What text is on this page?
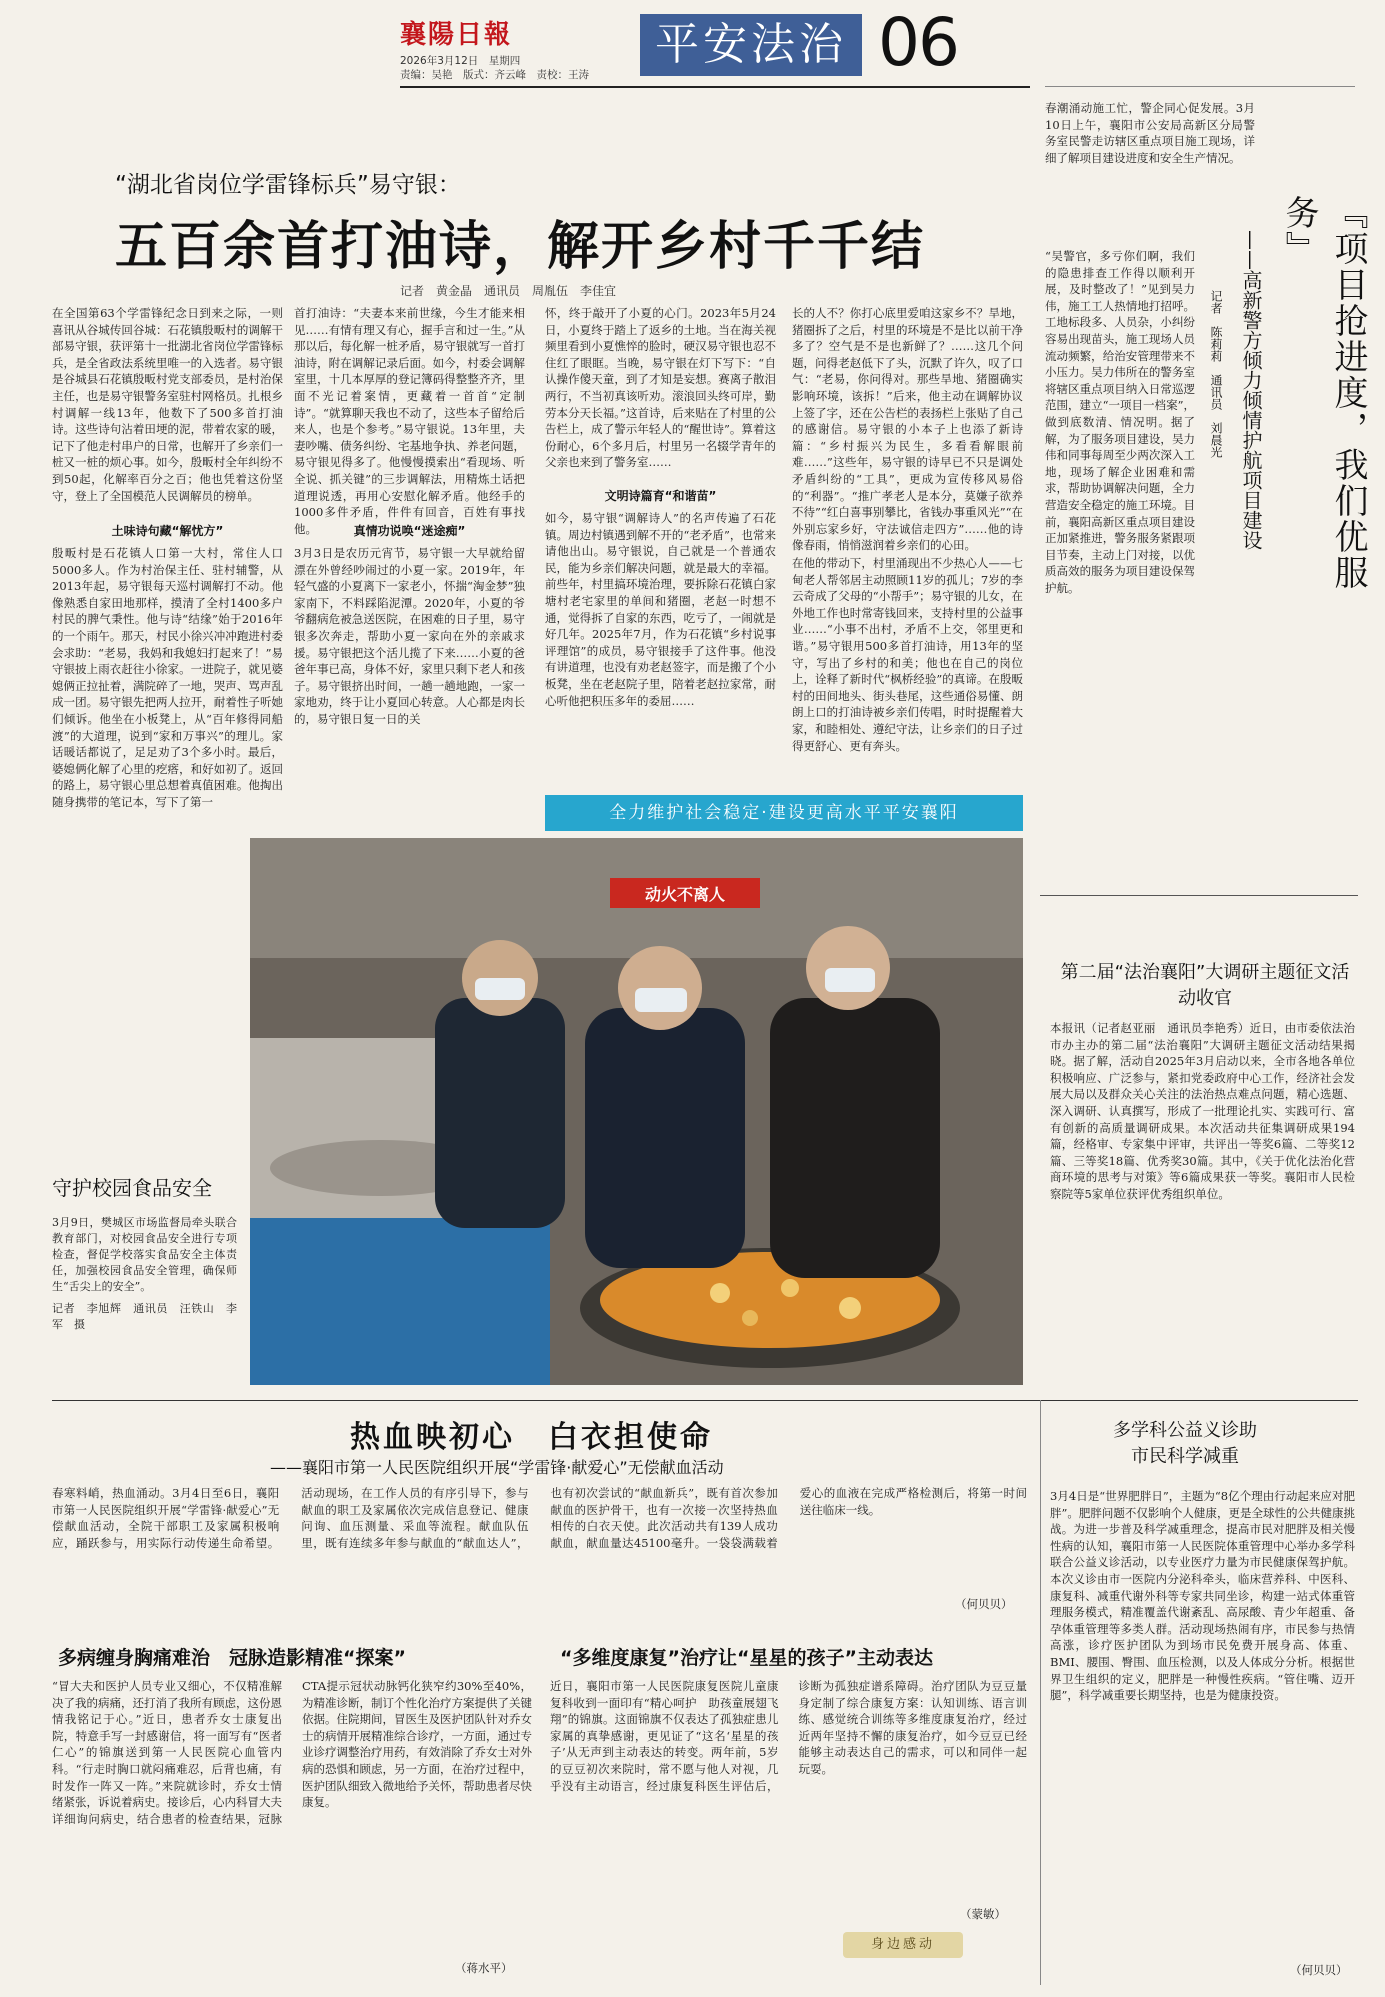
襄陽日報
2026年3月12日　星期四
责编：吴艳　版式：齐云峰　责校：王涛
平安法治 06
“湖北省岗位学雷锋标兵”易守银：
五百余首打油诗，解开乡村千千结
记者　黄金晶　通讯员　周胤伍　李佳宜
在全国第63个学雷锋纪念日到来之际，一则喜讯从谷城传回谷城：石花镇殷畈村的调解干部易守银，获评第十一批湖北省岗位学雷锋标兵，是全省政法系统里唯一的入选者。易守银是谷城县石花镇殷畈村党支部委员，是村治保主任，也是易守银警务室驻村网格员。扎根乡村调解一线13年，他数下了500多首打油诗。这些诗句沾着田埂的泥，带着农家的暖，记下了他走村串户的日常，也解开了乡亲们一桩又一桩的烦心事。如今，殷畈村全年纠纷不到50起，化解率百分之百；他也凭着这份坚守，登上了全国模范人民调解员的榜单。
土味诗句藏“解忧方”
殷畈村是石花镇人口第一大村，常住人口5000多人。作为村治保主任、驻村辅警，从2013年起，易守银每天巡村调解打不动。他像熟悉自家田地那样，摸清了全村1400多户村民的脾气秉性。他与诗“结缘”始于2016年的一个雨午。那天，村民小徐兴冲冲跑进村委会求助：“老易，我妈和我媳妇打起来了！”易守银披上雨衣赶往小徐家。一进院子，就见婆媳俩正拉扯着，满院碎了一地，哭声、骂声乱成一团。易守银先把两人拉开，耐着性子听她们倾诉。他坐在小板凳上，从“百年修得同船渡”的大道理，说到“家和万事兴”的理儿。家话暖话都说了，足足劝了3个多小时。最后，婆媳俩化解了心里的疙瘩，和好如初了。返回的路上，易守银心里总想着真值困难。他掏出随身携带的笔记本，写下了第一
首打油诗：“夫妻本来前世缘，今生才能来相见……有情有理又有心，握手言和过一生。”从那以后，每化解一桩矛盾，易守银就写一首打油诗，附在调解记录后面。如今，村委会调解室里，十几本厚厚的登记簿码得整整齐齐，里面不光记着案情，更藏着一首首“定制诗”。“就算聊天我也不动了，这些本子留给后来人，也是个参考。”易守银说。13年里，夫妻吵嘴、债务纠纷、宅基地争执、养老问题，易守银见得多了。他慢慢摸索出“看现场、听全说、抓关键”的三步调解法，用精炼土话把道理说透，再用心安慰化解矛盾。他经手的1000多件矛盾，件件有回音，百姓有事找他。	真情功说唤“迷途痴”
3月3日是农历元宵节，易守银一大早就给留漂在外曾经吵闹过的小夏一家。2019年，年轻气盛的小夏离下一家老小，怀揣“淘金梦”独家南下，不料踩陷泥潭。2020年，小夏的爷爷翻病危被急送医院，在困难的日子里，易守银多次奔走，帮助小夏一家向在外的亲戚求援。易守银把这个活儿揽了下来……小夏的爸爸年事已高，身体不好，家里只剩下老人和孩子。易守银挤出时间，一趟一趟地跑，一家一家地劝，终于让小夏回心转意。人心都是肉长的，易守银日复一日的关
怀，终于敲开了小夏的心门。2023年5月24日，小夏终于踏上了返乡的土地。当在海关视频里看到小夏憔悴的脸时，硬汉易守银也忍不住红了眼眶。当晚，易守银在灯下写下：“自认操作傻天童，到了才知是妄想。赛离子散泪两行，不当初真该听劝。滚浪回头终可岸，勤劳本分天长福。”这首诗，后来贴在了村里的公告栏上，成了警示年轻人的“醒世诗”。算着这份耐心，6个多月后，村里另一名辍学青年的父亲也来到了警务室……
文明诗篇育“和谐苗”
如今，易守银“调解诗人”的名声传遍了石花镇。周边村镇遇到解不开的“老矛盾”，也常来请他出山。易守银说，自己就是一个普通农民，能为乡亲们解决问题，就是最大的幸福。前些年，村里搞环境治理，要拆除石花镇白家塘村老宅家里的单间和猪圈，老赵一时想不通，觉得拆了自家的东西，吃亏了，一闹就是好几年。2025年7月，作为石花镇“乡村说事评理馆”的成员，易守银接手了这件事。他没有讲道理，也没有劝老赵签字，而是搬了个小板凳，坐在老赵院子里，陪着老赵拉家常，耐心听他把积压多年的委屈……
长的人不？你打心底里爱咱这家乡不？旱地，猪圈拆了之后，村里的环境是不是比以前干净多了？空气是不是也新鲜了？……这几个问题，问得老赵低下了头，沉默了许久，叹了口气：“老易，你问得对。那些旱地、猪圈确实影响环境，该拆！”后来，他主动在调解协议上签了字，还在公告栏的表扬栏上张贴了自己的感谢信。易守银的小本子上也添了新诗篇：“乡村振兴为民生，多看看解眼前难……”这些年，易守银的诗早已不只是调处矛盾纠纷的“工具”，更成为宣传移风易俗的“利器”。“推广孝老人是本分，莫嫌子欲养不待”“红白喜事别攀比，省钱办事重风光”“在外别忘家乡好，守法诚信走四方”……他的诗像春雨，悄悄滋润着乡亲们的心田。
在他的带动下，村里涌现出不少热心人——七甸老人帮邻居主动照顾11岁的孤儿；7岁的李云奇成了父母的“小帮手”；易守银的儿女，在外地工作也时常寄钱回来，支持村里的公益事业……“小事不出村，矛盾不上交，邻里更和谐。”易守银用500多首打油诗，用13年的坚守，写出了乡村的和美；他也在自己的岗位上，诠释了新时代“枫桥经验”的真谛。在殷畈村的田间地头、街头巷尾，这些通俗易懂、朗朗上口的打油诗被乡亲们传唱，时时提醒着大家，和睦相处、遵纪守法，让乡亲们的日子过得更舒心、更有奔头。
全力维护社会稳定·建设更高水平平安襄阳
动火不离人
守护校园食品安全
3月9日，樊城区市场监督局牵头联合教育部门，对校园食品安全进行专项检查，督促学校落实食品安全主体责任，加强校园食品安全管理，确保师生“舌尖上的安全”。
记者　李旭辉　通讯员　汪铁山　李军　摄
春潮涌动施工忙，警企同心促发展。3月10日上午，襄阳市公安局高新区分局警务室民警走访辖区重点项目施工现场，详细了解项目建设进度和安全生产情况。
『项目抢进度，我们优服务』
——高新警方倾力倾情护航项目建设
记者　陈莉莉　通讯员　刘晨光
“吴警官，多亏你们啊，我们的隐患排查工作得以顺利开展，及时整改了！”见到吴力伟，施工工人热情地打招呼。工地标段多、人员杂，小纠纷容易出现苗头，施工现场人员流动频繁，给治安管理带来不小压力。吴力伟所在的警务室将辖区重点项目纳入日常巡逻范围，建立“一项目一档案”，做到底数清、情况明。据了解，为了服务项目建设，吴力伟和同事每周至少两次深入工地，现场了解企业困难和需求，帮助协调解决问题，全力营造安全稳定的施工环境。目前，襄阳高新区重点项目建设正加紧推进，警务服务紧跟项目节奏，主动上门对接，以优质高效的服务为项目建设保驾护航。
第二届“法治襄阳”大调研主题征文活动收官
本报讯（记者赵亚丽　通讯员李艳秀）近日，由市委依法治市办主办的第二届“法治襄阳”大调研主题征文活动结果揭晓。据了解，活动自2025年3月启动以来，全市各地各单位积极响应、广泛参与，紧扣党委政府中心工作，经济社会发展大局以及群众关心关注的法治热点难点问题，精心选题、深入调研、认真撰写，形成了一批理论扎实、实践可行、富有创新的高质量调研成果。本次活动共征集调研成果194篇，经格审、专家集中评审，共评出一等奖6篇、二等奖12篇、三等奖18篇、优秀奖30篇。其中，《关于优化法治化营商环境的思考与对策》等6篇成果获一等奖。襄阳市人民检察院等5家单位获评优秀组织单位。
热血映初心　白衣担使命
——襄阳市第一人民医院组织开展“学雷锋·献爱心”无偿献血活动
春寒料峭，热血涌动。3月4日至6日，襄阳市第一人民医院组织开展“学雷锋·献爱心”无偿献血活动，全院干部职工及家属积极响应，踊跃参与，用实际行动传递生命希望。活动现场，在工作人员的有序引导下，参与献血的职工及家属依次完成信息登记、健康问询、血压测量、采血等流程。献血队伍里，既有连续多年参与献血的“献血达人”，也有初次尝试的“献血新兵”，既有首次参加献血的医护骨干，也有一次接一次坚持热血相传的白衣天使。此次活动共有139人成功献血，献血量达45100毫升。一袋袋满载着爱心的血液在完成严格检测后，将第一时间送往临床一线。
（何贝贝）
多病缠身胸痛难治　冠脉造影精准“探案”
“冒大夫和医护人员专业又细心，不仅精准解决了我的病痛，还打消了我所有顾虑，这份恩情我铭记于心。”近日，患者乔女士康复出院，特意手写一封感谢信，将一面写有“医者仁心”的锦旗送到第一人民医院心血管内科。“行走时胸口就闷痛难忍，后背也痛，有时发作一阵又一阵。”来院就诊时，乔女士情绪紧张，诉说着病史。接诊后，心内科冒大夫详细询问病史，结合患者的检查结果，冠脉CTA提示冠状动脉钙化狭窄约30%至40%，为精准诊断，制订个性化治疗方案提供了关键依据。住院期间，冒医生及医护团队针对乔女士的病情开展精准综合诊疗，一方面，通过专业诊疗调整治疗用药，有效消除了乔女士对外病的恐惧和顾虑，另一方面，在治疗过程中，医护团队细致入微地给予关怀，帮助患者尽快康复。
（蒋水平）
“多维度康复”治疗让“星星的孩子”主动表达
近日，襄阳市第一人民医院康复医院儿童康复科收到一面印有“精心呵护　助孩童展翅飞翔”的锦旗。这面锦旗不仅表达了孤独症患儿家属的真挚感谢，更见证了“这名‘星星的孩子’从无声到主动表达的转变。两年前，5岁的豆豆初次来院时，常不愿与他人对视，几乎没有主动语言，经过康复科医生评估后，诊断为孤独症谱系障碍。治疗团队为豆豆量身定制了综合康复方案：认知训练、语言训练、感觉统合训练等多维度康复治疗，经过近两年坚持不懈的康复治疗，如今豆豆已经能够主动表达自己的需求，可以和同伴一起玩耍。
（蒙敏）
身边感动
多学科公益义诊助市民科学减重
3月4日是“世界肥胖日”，主题为“8亿个理由行动起来应对肥胖”。肥胖问题不仅影响个人健康，更是全球性的公共健康挑战。为进一步普及科学减重理念，提高市民对肥胖及相关慢性病的认知，襄阳市第一人民医院体重管理中心举办多学科联合公益义诊活动，以专业医疗力量为市民健康保驾护航。本次义诊由市一医院内分泌科牵头，临床营养科、中医科、康复科、减重代谢外科等专家共同坐诊，构建一站式体重管理服务模式，精准覆盖代谢紊乱、高尿酸、青少年超重、备孕体重管理等多类人群。活动现场热闹有序，市民参与热情高涨，诊疗医护团队为到场市民免费开展身高、体重、BMI、腰围、臀围、血压检测，以及人体成分分析。根据世界卫生组织的定义，肥胖是一种慢性疾病。“管住嘴、迈开腿”，科学减重要长期坚持，也是为健康投资。
（何贝贝）
